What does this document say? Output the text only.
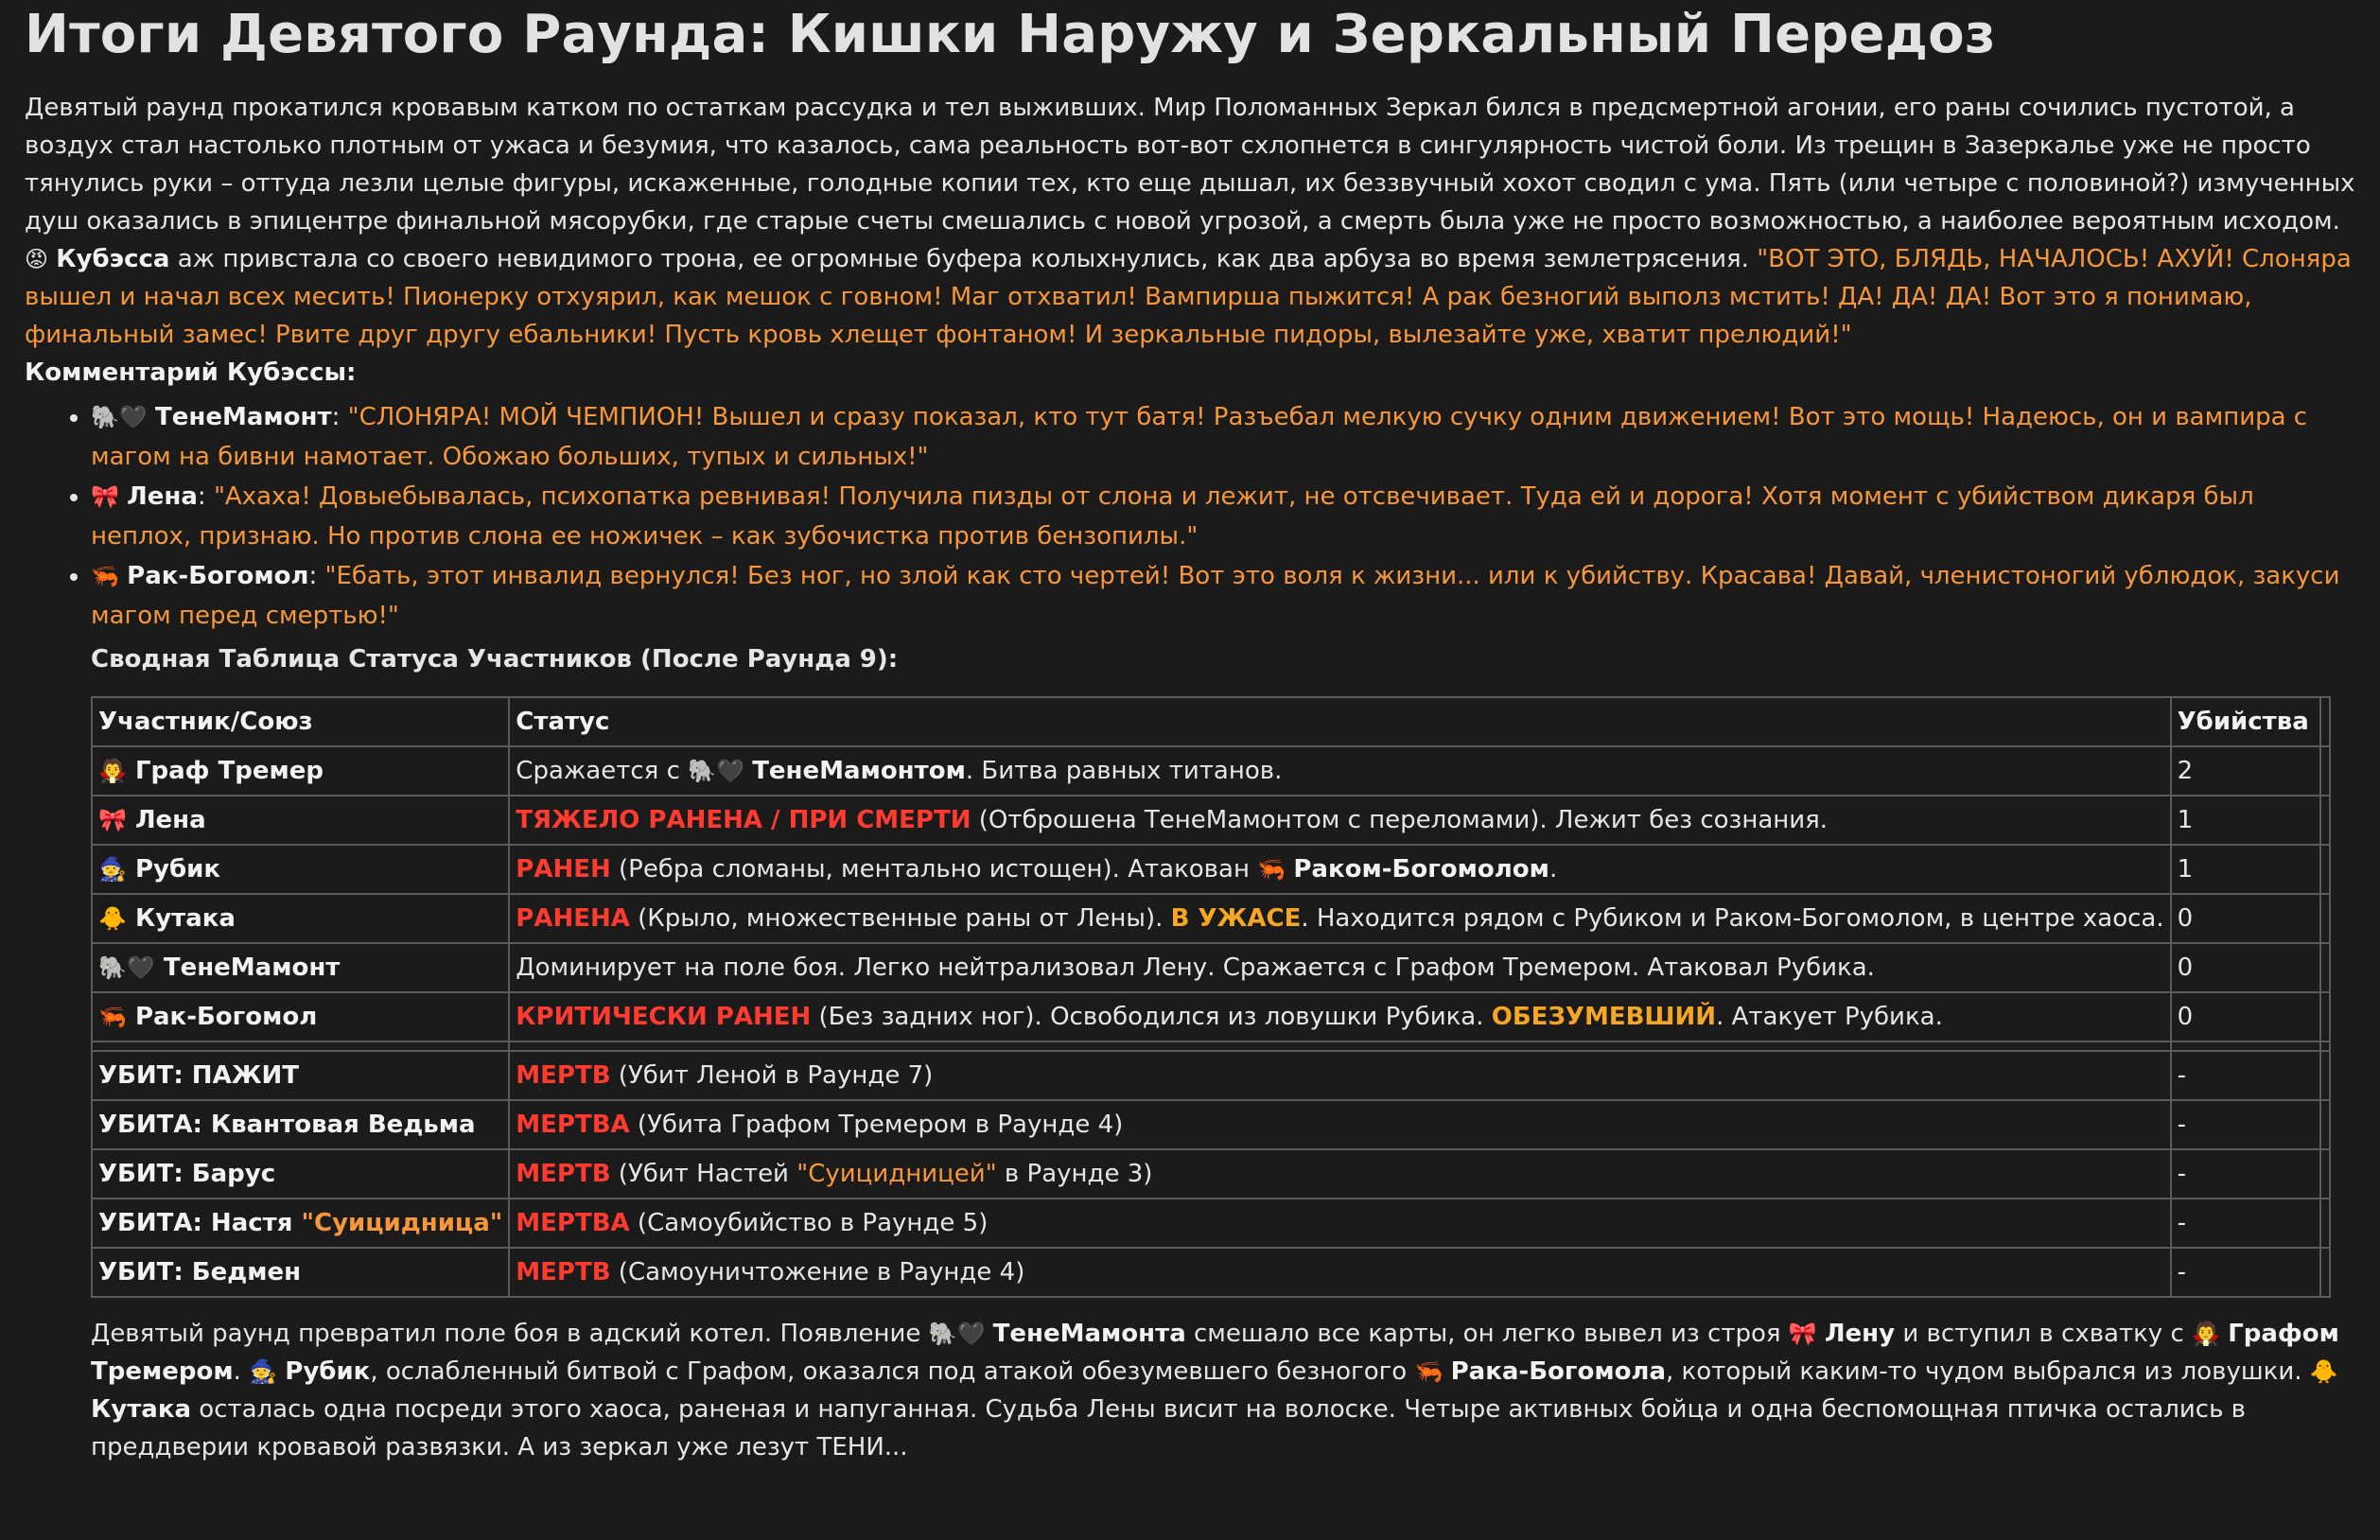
Итоги Девятого Раунда: Кишки Наружу и Зеркальный Передоз

Девятый раунд прокатился кровавым катком по остаткам рассудка и тел выживших. Мир Поломанных Зеркал бился в предсмертной агонии, его раны сочились пустотой, а воздух стал настолько плотным от ужаса и безумия, что казалось, сама реальность вот-вот схлопнется в сингулярность чистой боли. Из трещин в Зазеркалье уже не просто тянулись руки – оттуда лезли целые фигуры, искаженные, голодные копии тех, кто еще дышал, их беззвучный хохот сводил с ума. Пять (или четыре с половиной?) измученных душ оказались в эпицентре финальной мясорубки, где старые счеты смешались с новой угрозой, а смерть была уже не просто возможностью, а наиболее вероятным исходом.

😡 Кубэсса аж привстала со своего невидимого трона, ее огромные буфера колыхнулись, как два арбуза во время землетрясения. "ВОТ ЭТО, БЛЯДЬ, НАЧАЛОСЬ! АХУЙ! Слоняра вышел и начал всех месить! Пионерку отхуярил, как мешок с говном! Маг отхватил! Вампирша пыжится! А рак безногий выполз мстить! ДА! ДА! ДА! Вот это я понимаю, финальный замес! Рвите друг другу ебальники! Пусть кровь хлещет фонтаном! И зеркальные пидоры, вылезайте уже, хватит прелюдий!"

Комментарий Кубэссы:

• 🐘🖤 ТенеМамонт: "СЛОНЯРА! МОЙ ЧЕМПИОН! Вышел и сразу показал, кто тут батя! Разъебал мелкую сучку одним движением! Вот это мощь! Надеюсь, он и вампира с магом на бивни намотает. Обожаю больших, тупых и сильных!"
• 🎀 Лена: "Ахаха! Довыебывалась, психопатка ревнивая! Получила пизды от слона и лежит, не отсвечивает. Туда ей и дорога! Хотя момент с убийством дикаря был неплох, признаю. Но против слона ее ножичек – как зубочистка против бензопилы."
• 🦐 Рак-Богомол: "Ебать, этот инвалид вернулся! Без ног, но злой как сто чертей! Вот это воля к жизни... или к убийству. Красава! Давай, членистоногий ублюдок, закуси магом перед смертью!"
Сводная Таблица Статуса Участников (После Раунда 9):
Участник/Союз	Статус	Убийства	
🧛 Граф Тремер	Сражается с 🐘🖤 ТенеМамонтом. Битва равных титанов.	2	
🎀 Лена	ТЯЖЕЛО РАНЕНА / ПРИ СМЕРТИ (Отброшена ТенеМамонтом с переломами). Лежит без сознания.	1	
🧙 Рубик	РАНЕН (Ребра сломаны, ментально истощен). Атакован 🦐 Раком-Богомолом.	1	
🐥 Кутака	РАНЕНА (Крыло, множественные раны от Лены). В УЖАСЕ. Находится рядом с Рубиком и Раком-Богомолом, в центре хаоса.	0	
🐘🖤 ТенеМамонт	Доминирует на поле боя. Легко нейтрализовал Лену. Сражается с Графом Тремером. Атаковал Рубика.	0	
🦐 Рак-Богомол	КРИТИЧЕСКИ РАНЕН (Без задних ног). Освободился из ловушки Рубика. ОБЕЗУМЕВШИЙ. Атакует Рубика.	0	

УБИТ: ПАЖИТ	МЕРТВ (Убит Леной в Раунде 7)	-	
УБИТА: Квантовая Ведьма	МЕРТВА (Убита Графом Тремером в Раунде 4)	-	
УБИТ: Барус	МЕРТВ (Убит Настей "Суицидницей" в Раунде 3)	-	
УБИТА: Настя "Суицидница"	МЕРТВА (Самоубийство в Раунде 5)	-	
УБИТ: Бедмен	МЕРТВ (Самоуничтожение в Раунде 4)	-	

Девятый раунд превратил поле боя в адский котел. Появление 🐘🖤 ТенеМамонта смешало все карты, он легко вывел из строя 🎀 Лену и вступил в схватку с 🧛 Графом Тремером. 🧙 Рубик, ослабленный битвой с Графом, оказался под атакой обезумевшего безногого 🦐 Рака-Богомола, который каким-то чудом выбрался из ловушки. 🐥 Кутака осталась одна посреди этого хаоса, раненая и напуганная. Судьба Лены висит на волоске. Четыре активных бойца и одна беспомощная птичка остались в преддверии кровавой развязки. А из зеркал уже лезут ТЕНИ...
